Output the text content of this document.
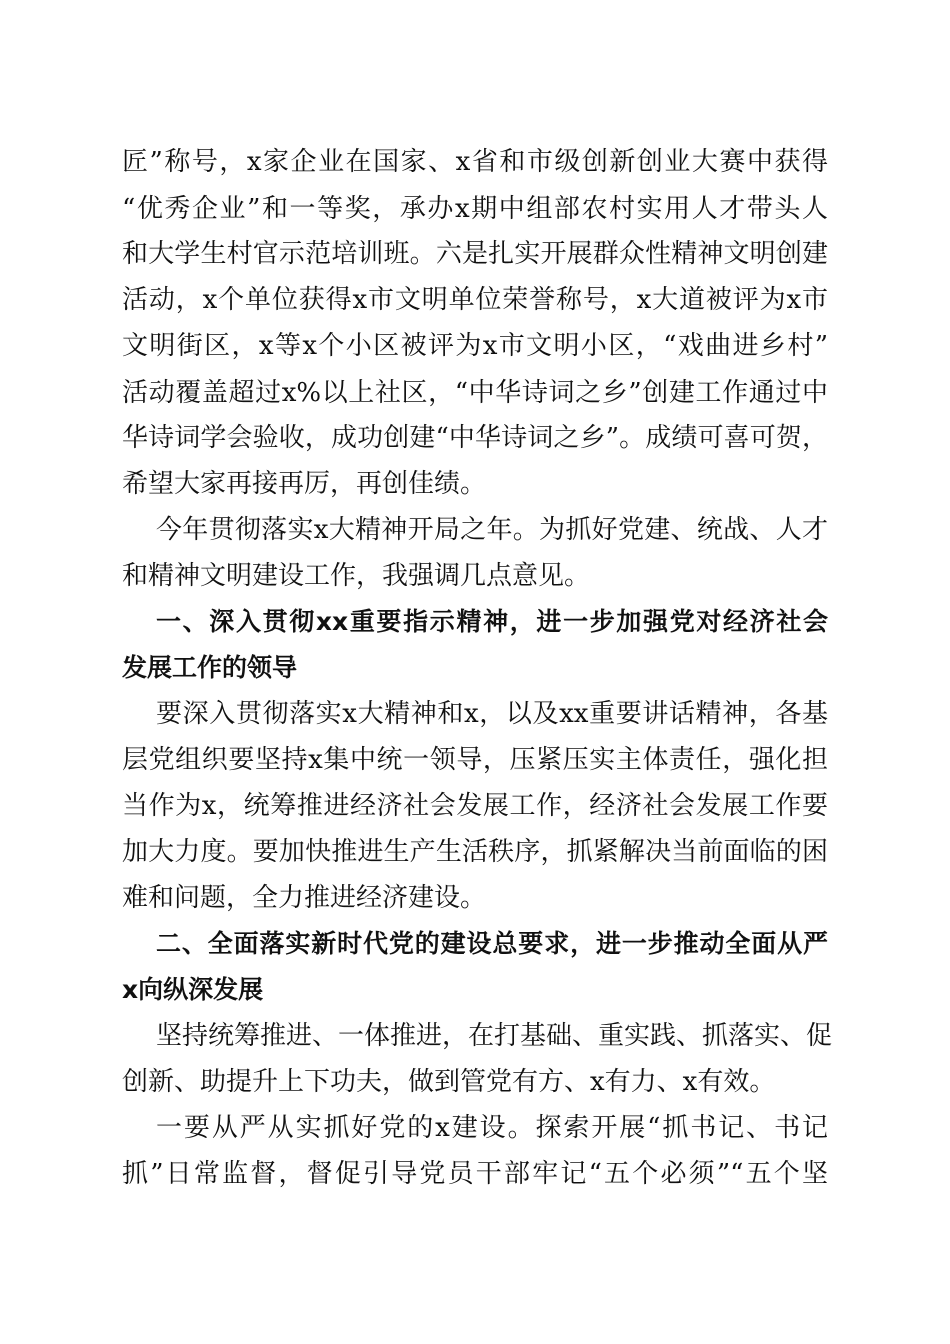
匠”称号，x家企业在国家、x省和市级创新创业大赛中获得
“优秀企业”和一等奖，承办x期中组部农村实用人才带头人
和大学生村官示范培训班。六是扎实开展群众性精神文明创建
活动，x个单位获得x市文明单位荣誉称号，x大道被评为x市
文明街区，x等x个小区被评为x市文明小区，“戏曲进乡村”
活动覆盖超过x%以上社区，“中华诗词之乡”创建工作通过中
华诗词学会验收，成功创建“中华诗词之乡”。成绩可喜可贺，
希望大家再接再厉，再创佳绩。
今年贯彻落实x大精神开局之年。为抓好党建、统战、人才
和精神文明建设工作，我强调几点意见。
一、深入贯彻xx重要指示精神，进一步加强党对经济社会
发展工作的领导
要深入贯彻落实x大精神和x，以及xx重要讲话精神，各基
层党组织要坚持x集中统一领导，压紧压实主体责任，强化担
当作为x，统筹推进经济社会发展工作，经济社会发展工作要
加大力度。要加快推进生产生活秩序，抓紧解决当前面临的困
难和问题，全力推进经济建设。
二、全面落实新时代党的建设总要求，进一步推动全面从严
x向纵深发展
坚持统筹推进、一体推进，在打基础、重实践、抓落实、促
创新、助提升上下功夫，做到管党有方、x有力、x有效。
一要从严从实抓好党的x建设。探索开展“抓书记、书记
抓”日常监督，督促引导党员干部牢记“五个必须”“五个坚
